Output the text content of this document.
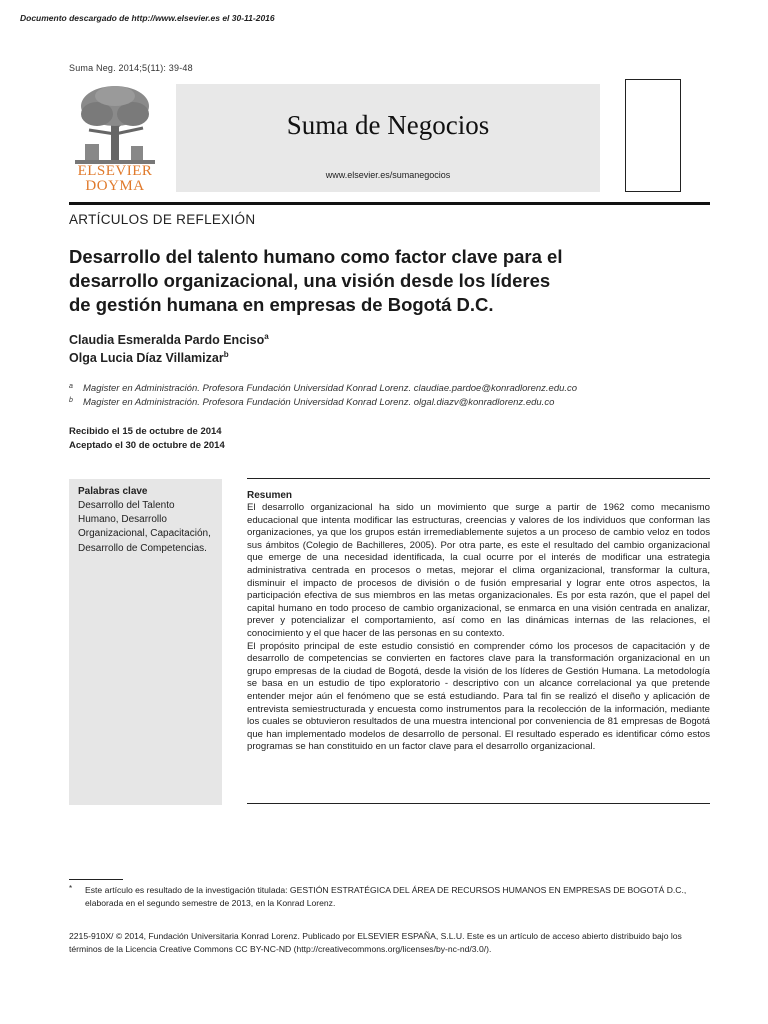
Documento descargado de http://www.elsevier.es el 30-11-2016
Suma Neg. 2014;5(11): 39-48
ELSEVIER
DOYMA
Suma de Negocios
www.elsevier.es/sumanegocios
ARTÍCULOS DE REFLEXIÓN
Desarrollo del talento humano como factor clave para el
desarrollo organizacional, una visión desde los líderes
de gestión humana en empresas de Bogotá D.C.
Claudia Esmeralda Pardo Enciso$^a$
Olga Lucia Díaz Villamizar$^b$
a Magister en Administración. Profesora Fundación Universidad Konrad Lorenz. claudiae.pardoe@konradlorenz.edu.co
b Magister en Administración. Profesora Fundación Universidad Konrad Lorenz. olgal.diazv@konradlorenz.edu.co
Recibido el 15 de octubre de 2014
Aceptado el 30 de octubre de 2014
Palabras clave
Desarrollo del Talento Humano, Desarrollo Organizacional, Capacitación, Desarrollo de Competencias.
Resumen

El desarrollo organizacional ha sido un movimiento que surge a partir de 1962 como mecanismo educacional que intenta modificar las estructuras, creencias y valores de los individuos que conforman las organizaciones, ya que los grupos están irremediablemente sujetos a un proceso de cambio veloz en todos sus ámbitos (Colegio de Bachilleres, 2005). Por otra parte, es este el resultado del cambio organizacional que emerge de una necesidad identificada, la cual ocurre por el interés de modificar una estrategia administrativa centrada en procesos o metas, mejorar el clima organizacional, transformar la cultura, disminuir el impacto de procesos de división o de fusión empresarial y lograr ente otros aspectos, la participación efectiva de sus miembros en las metas organizacionales. Es por esta razón, que el papel del capital humano en todo proceso de cambio organizacional, se enmarca en una visión centrada en analizar, prever y potencializar el comportamiento, así como en las dinámicas internas de las relaciones, el conocimiento y el que hacer de las personas en su contexto.

El propósito principal de este estudio consistió en comprender cómo los procesos de capacitación y de desarrollo de competencias se convierten en factores clave para la transformación organizacional en un grupo empresas de la ciudad de Bogotá, desde la visión de los líderes de Gestión Humana. La metodología se basa en un estudio de tipo exploratorio - descriptivo con un alcance correlacional ya que pretende entender mejor aún el fenómeno que se está estudiando. Para tal fin se realizó el diseño y aplicación de entrevista semiestructurada y encuesta como instrumentos para la recolección de la información, mediante los cuales se obtuvieron resultados de una muestra intencional por conveniencia de 81 empresas de Bogotá que han implementado modelos de desarrollo de personal. El resultado esperado es identificar cómo estos programas se han constituido en un factor clave para el desarrollo organizacional.

* Este artículo es resultado de la investigación titulada: GESTIÓN ESTRATÉGICA DEL ÁREA DE RECURSOS HUMANOS EN EMPRESAS DE BOGOTÁ D.C., elaborada en el segundo semestre de 2013, en la Konrad Lorenz.
2215-910X/ © 2014, Fundación Universitaria Konrad Lorenz. Publicado por ELSEVIER ESPAÑA, S.L.U. Este es un artículo de acceso abierto distribuido bajo los términos de la Licencia Creative Commons CC BY-NC-ND (http://creativecommons.org/licenses/by-nc-nd/3.0/).
